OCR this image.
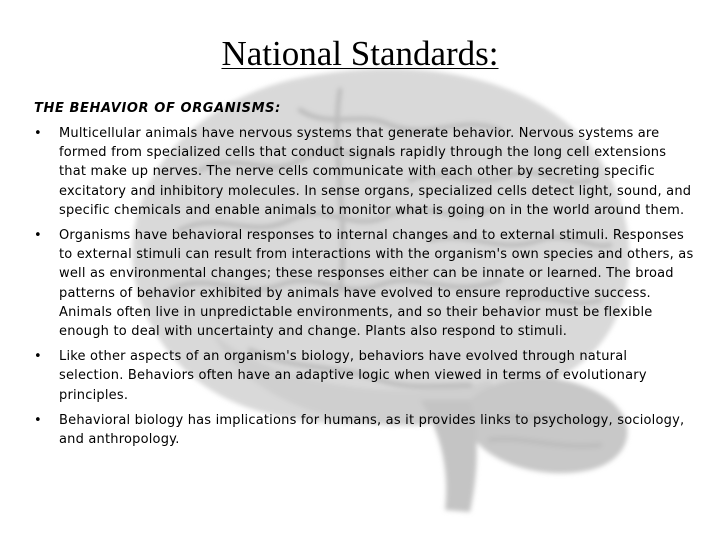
National Standards:
THE BEHAVIOR OF ORGANISMS:
• Multicellular animals have nervous systems that generate behavior. Nervous systems are formed from specialized cells that conduct signals rapidly through the long cell extensions that make up nerves. The nerve cells communicate with each other by secreting specific excitatory and inhibitory molecules. In sense organs, specialized cells detect light, sound, and specific chemicals and enable animals to monitor what is going on in the world around them.
• Organisms have behavioral responses to internal changes and to external stimuli. Responses to external stimuli can result from interactions with the organism's own species and others, as well as environmental changes; these responses either can be innate or learned. The broad patterns of behavior exhibited by animals have evolved to ensure reproductive success. Animals often live in unpredictable environments, and so their behavior must be flexible enough to deal with uncertainty and change. Plants also respond to stimuli.
• Like other aspects of an organism's biology, behaviors have evolved through natural selection. Behaviors often have an adaptive logic when viewed in terms of evolutionary principles.
• Behavioral biology has implications for humans, as it provides links to psychology, sociology, and anthropology.
